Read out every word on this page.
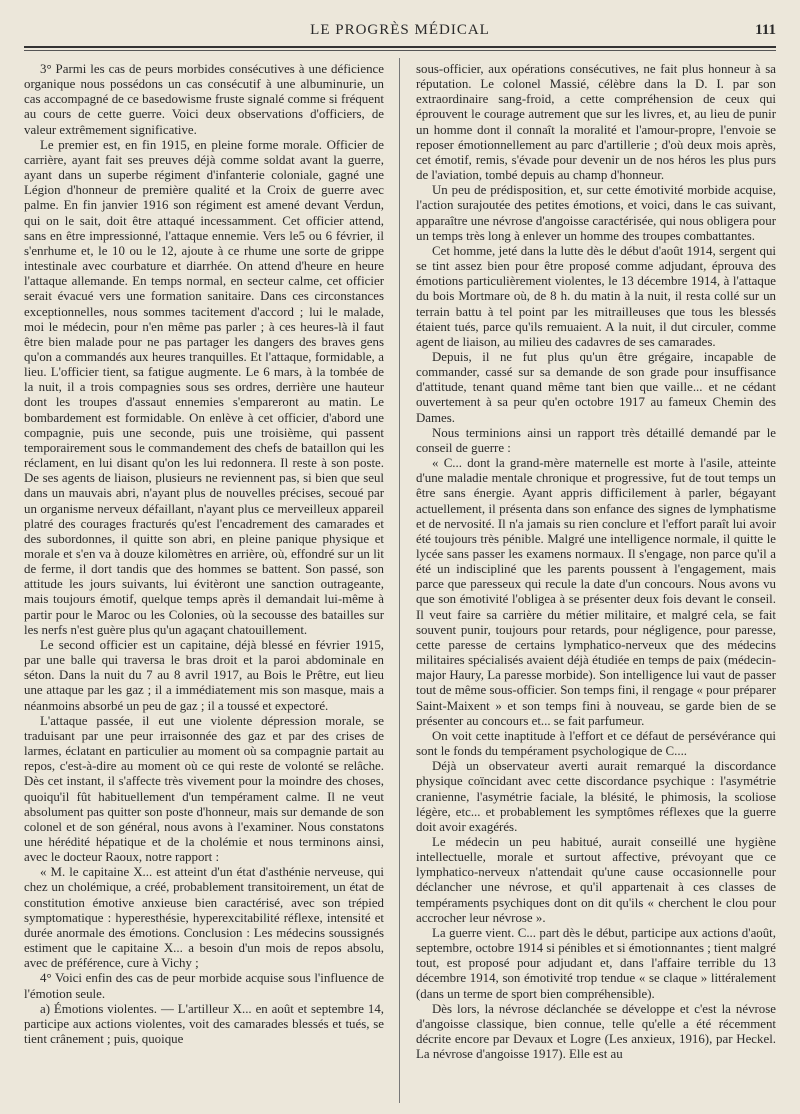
LE PROGRÈS MÉDICAL	111

3° Parmi les cas de peurs morbides consécutives à une déficience organique nous possédons un cas consécutif à une albuminurie, un cas accompagné de ce basedowisme fruste signalé comme si fréquent au cours de cette guerre. Voici deux observations d'officiers, de valeur extrêmement significative.

Le premier est, en fin 1915, en pleine forme morale. Officier de carrière, ayant fait ses preuves déjà comme soldat avant la guerre, ayant dans un superbe régiment d'infanterie coloniale, gagné une Légion d'honneur de première qualité et la Croix de guerre avec palme. En fin janvier 1916 son régiment est amené devant Verdun, qui on le sait, doit être attaqué incessamment. Cet officier attend, sans en être impressionné, l'attaque ennemie. Vers le5 ou 6 février, il s'enrhume et, le 10 ou le 12, ajoute à ce rhume une sorte de grippe intestinale avec courbature et diarrhée. On attend d'heure en heure l'attaque allemande. En temps normal, en secteur calme, cet officier serait évacué vers une formation sanitaire. Dans ces circonstances exceptionnelles, nous sommes tacitement d'accord ; lui le malade, moi le médecin, pour n'en même pas parler ; à ces heures-là il faut être bien malade pour ne pas partager les dangers des braves gens qu'on a commandés aux heures tranquilles. Et l'attaque, formidable, a lieu. L'officier tient, sa fatigue augmente. Le 6 mars, à la tombée de la nuit, il a trois compagnies sous ses ordres, derrière une hauteur dont les troupes d'assaut ennemies s'empareront au matin. Le bombardement est formidable. On enlève à cet officier, d'abord une compagnie, puis une seconde, puis une troisième, qui passent temporairement sous le commandement des chefs de bataillon qui les réclament, en lui disant qu'on les lui redonnera. Il reste à son poste. De ses agents de liaison, plusieurs ne reviennent pas, si bien que seul dans un mauvais abri, n'ayant plus de nouvelles précises, secoué par un organisme nerveux défaillant, n'ayant plus ce merveilleux appareil platré des courages fracturés qu'est l'encadrement des camarades et des subordonnes, il quitte son abri, en pleine panique physique et morale et s'en va à douze kilomètres en arrière, où, effondré sur un lit de ferme, il dort tandis que des hommes se battent. Son passé, son attitude les jours suivants, lui évitèront une sanction outrageante, mais toujours émotif, quelque temps après il demandait lui-même à partir pour le Maroc ou les Colonies, où la secousse des batailles sur les nerfs n'est guère plus qu'un agaçant chatouillement.

Le second officier est un capitaine, déjà blessé en février 1915, par une balle qui traversa le bras droit et la paroi abdominale en séton. Dans la nuit du 7 au 8 avril 1917, au Bois le Prêtre, eut lieu une attaque par les gaz ; il a immédiatement mis son masque, mais a néanmoins absorbé un peu de gaz ; il a toussé et expectoré.

L'attaque passée, il eut une violente dépression morale, se traduisant par une peur irraisonnée des gaz et par des crises de larmes, éclatant en particulier au moment où sa compagnie partait au repos, c'est-à-dire au moment où ce qui reste de volonté se relâche. Dès cet instant, il s'affecte très vivement pour la moindre des choses, quoiqu'il fût habituellement d'un tempérament calme. Il ne veut absolument pas quitter son poste d'honneur, mais sur demande de son colonel et de son général, nous avons à l'examiner. Nous constatons une hérédité hépatique et de la cholémie et nous terminons ainsi, avec le docteur Raoux, notre rapport :

« M. le capitaine X... est atteint d'un état d'asthénie nerveuse, qui chez un cholémique, a créé, probablement transitoirement, un état de constitution émotive anxieuse bien caractérisé, avec son trépied symptomatique : hyperesthésie, hyperexcitabilité réflexe, intensité et durée anormale des émotions. Conclusion : Les médecins soussignés estiment que le capitaine X... a besoin d'un mois de repos absolu, avec de préférence, cure à Vichy ;

4° Voici enfin des cas de peur morbide acquise sous l'influence de l'émotion seule.

a) Émotions violentes. — L'artilleur X... en août et septembre 14, participe aux actions violentes, voit des camarades blessés et tués, se tient crânement ; puis, quoique

sous-officier, aux opérations consécutives, ne fait plus honneur à sa réputation. Le colonel Massié, célèbre dans la D. I. par son extraordinaire sang-froid, a cette compréhension de ceux qui éprouvent le courage autrement que sur les livres, et, au lieu de punir un homme dont il connaît la moralité et l'amour-propre, l'envoie se reposer émotionnellement au parc d'artillerie ; d'où deux mois après, cet émotif, remis, s'évade pour devenir un de nos héros les plus purs de l'aviation, tombé depuis au champ d'honneur.

Un peu de prédisposition, et, sur cette émotivité morbide acquise, l'action surajoutée des petites émotions, et voici, dans le cas suivant, apparaître une névrose d'angoisse caractérisée, qui nous obligera pour un temps très long à enlever un homme des troupes combattantes.

Cet homme, jeté dans la lutte dès le début d'août 1914, sergent qui se tint assez bien pour être proposé comme adjudant, éprouva des émotions particulièrement violentes, le 13 décembre 1914, à l'attaque du bois Mortmare où, de 8 h. du matin à la nuit, il resta collé sur un terrain battu à tel point par les mitrailleuses que tous les blessés étaient tués, parce qu'ils remuaient. A la nuit, il dut circuler, comme agent de liaison, au milieu des cadavres de ses camarades.

Depuis, il ne fut plus qu'un être grégaire, incapable de commander, cassé sur sa demande de son grade pour insuffisance d'attitude, tenant quand même tant bien que vaille... et ne cédant ouvertement à sa peur qu'en octobre 1917 au fameux Chemin des Dames.

Nous terminions ainsi un rapport très détaillé demandé par le conseil de guerre :

« C... dont la grand-mère maternelle est morte à l'asile, atteinte d'une maladie mentale chronique et progressive, fut de tout temps un être sans énergie. Ayant appris difficilement à parler, bégayant actuellement, il présenta dans son enfance des signes de lymphatisme et de nervosité. Il n'a jamais su rien conclure et l'effort paraît lui avoir été toujours très pénible. Malgré une intelligence normale, il quitte le lycée sans passer les examens normaux. Il s'engage, non parce qu'il a été un indiscipliné que les parents poussent à l'engagement, mais parce que paresseux qui recule la date d'un concours. Nous avons vu que son émotivité l'obligea à se présenter deux fois devant le conseil. Il veut faire sa carrière du métier militaire, et malgré cela, se fait souvent punir, toujours pour retards, pour négligence, pour paresse, cette paresse de certains lymphatico-nerveux que des médecins militaires spécialisés avaient déjà étudiée en temps de paix (médecin-major Haury, La paresse morbide). Son intelligence lui vaut de passer tout de même sous-officier. Son temps fini, il rengage « pour préparer Saint-Maixent » et son temps fini à nouveau, se garde bien de se présenter au concours et... se fait parfumeur.

On voit cette inaptitude à l'effort et ce défaut de persévérance qui sont le fonds du tempérament psychologique de C....

Déjà un observateur averti aurait remarqué la discordance physique coïncidant avec cette discordance psychique : l'asymétrie cranienne, l'asymétrie faciale, la blésité, le phimosis, la scoliose légère, etc... et probablement les symptômes réflexes que la guerre doit avoir exagérés.

Le médecin un peu habitué, aurait conseillé une hygiène intellectuelle, morale et surtout affective, prévoyant que ce lymphatico-nerveux n'attendait qu'une cause occasionnelle pour déclancher une névrose, et qu'il appartenait à ces classes de tempéraments psychiques dont on dit qu'ils « cherchent le clou pour accrocher leur névrose ».

La guerre vient. C... part dès le début, participe aux actions d'août, septembre, octobre 1914 si pénibles et si émotionnantes ; tient malgré tout, est proposé pour adjudant et, dans l'affaire terrible du 13 décembre 1914, son émotivité trop tendue « se claque » littéralement (dans un terme de sport bien compréhensible).

Dès lors, la névrose déclanchée se développe et c'est la névrose d'angoisse classique, bien connue, telle qu'elle a été récemment décrite encore par Devaux et Logre (Les anxieux, 1916), par Heckel. La névrose d'angoisse 1917). Elle est au
